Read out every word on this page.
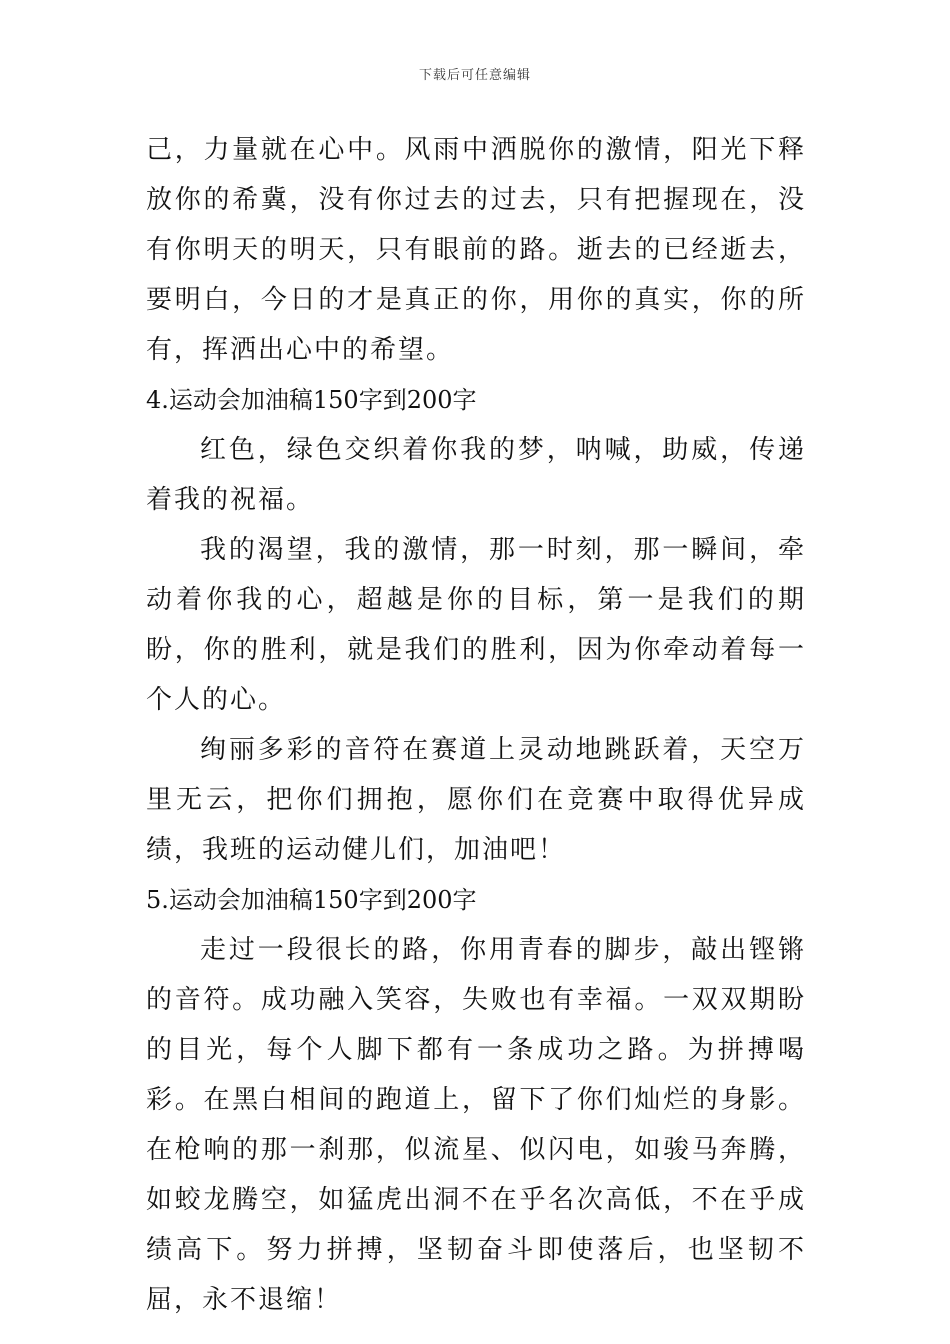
下载后可任意编辑

己，力量就在心中。风雨中洒脱你的激情，阳光下释放你的希冀，没有你过去的过去，只有把握现在，没有你明天的明天，只有眼前的路。逝去的已经逝去，要明白，今日的才是真正的你，用你的真实，你的所有，挥洒出心中的希望。

4.运动会加油稿150字到200字

红色，绿色交织着你我的梦，呐喊，助威，传递着我的祝福。

我的渴望，我的激情，那一时刻，那一瞬间，牵动着你我的心，超越是你的目标，第一是我们的期盼，你的胜利，就是我们的胜利，因为你牵动着每一个人的心。

绚丽多彩的音符在赛道上灵动地跳跃着，天空万里无云，把你们拥抱，愿你们在竞赛中取得优异成绩，我班的运动健儿们，加油吧！

5.运动会加油稿150字到200字

走过一段很长的路，你用青春的脚步，敲出铿锵的音符。成功融入笑容，失败也有幸福。一双双期盼的目光，每个人脚下都有一条成功之路。为拼搏喝彩。在黑白相间的跑道上，留下了你们灿烂的身影。在枪响的那一刹那，似流星、似闪电，如骏马奔腾，如蛟龙腾空，如猛虎出洞不在乎名次高低，不在乎成绩高下。努力拼搏，坚韧奋斗即使落后，也坚韧不屈，永不退缩！
